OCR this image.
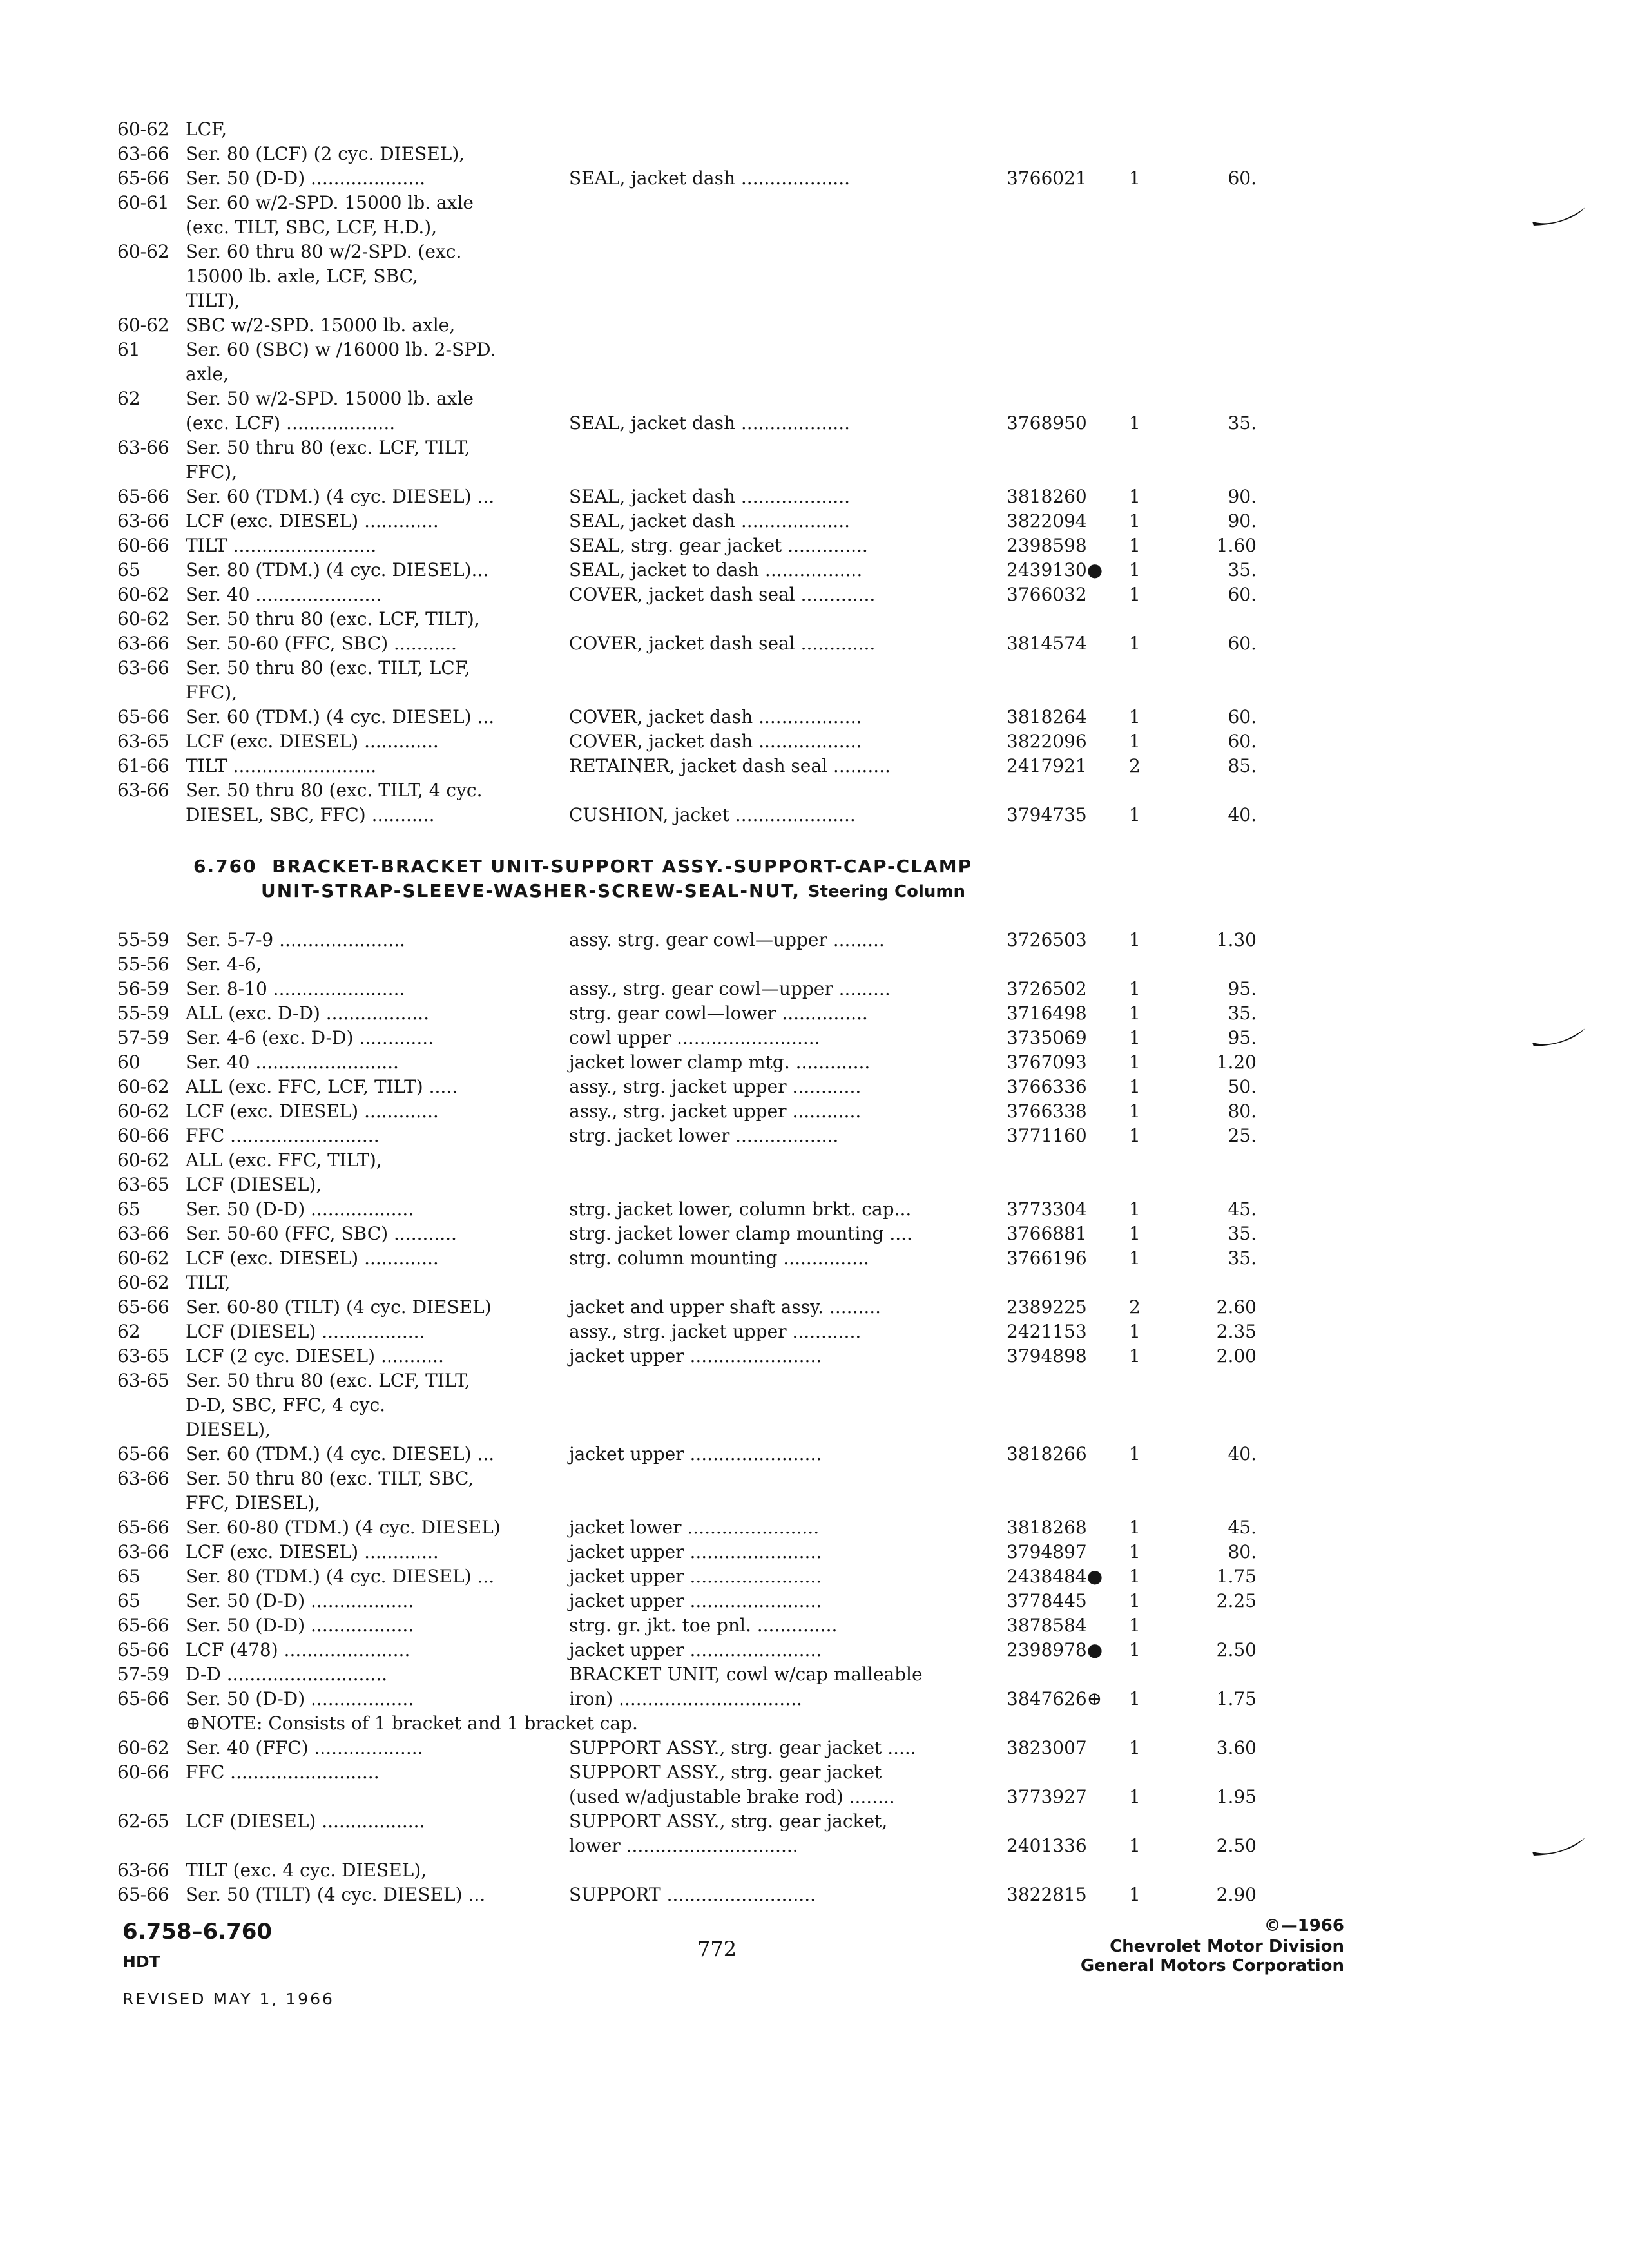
60-62 LCF,
63-66 Ser. 80 (LCF) (2 cyc. DIESEL),
65-66 Ser. 50 (D-D) ....................	SEAL, jacket dash ...................	3766021 1	.60
60-61 Ser. 60 w/2-SPD. 15000 lb. axle
(exc. TILT, SBC, LCF, H.D.),
60-62 Ser. 60 thru 80 w/2-SPD. (exc.
15000 lb. axle, LCF, SBC,
TILT),
60-62 SBC w/2-SPD. 15000 lb. axle,
61	Ser. 60 (SBC) w /16000 lb. 2-SPD.
axle,
62	Ser. 50 w/2-SPD. 15000 lb. axle
(exc. LCF) ...................	SEAL, jacket dash ...................	3768950 1	.35
63-66 Ser. 50 thru 80 (exc. LCF, TILT,
FFC),
65-66 Ser. 60 (TDM.) (4 cyc. DIESEL) ...	SEAL, jacket dash ...................	3818260 1	.90
63-66 LCF (exc. DIESEL) .............	SEAL, jacket dash ...................	3822094 1	.90
60-66 TILT .........................	SEAL, strg. gear jacket ..............	2398598 1	1.60
65	Ser. 80 (TDM.) (4 cyc. DIESEL)...	SEAL, jacket to dash .................	2439130● 1	.35
60-62 Ser. 40 ......................	COVER, jacket dash seal .............	3766032 1	.60
60-62 Ser. 50 thru 80 (exc. LCF, TILT),
63-66 Ser. 50-60 (FFC, SBC) ...........	COVER, jacket dash seal .............	3814574 1	.60
63-66 Ser. 50 thru 80 (exc. TILT, LCF,
FFC),
65-66 Ser. 60 (TDM.) (4 cyc. DIESEL) ...	COVER, jacket dash ..................	3818264 1	.60
63-65 LCF (exc. DIESEL) .............	COVER, jacket dash ..................	3822096 1	.60
61-66 TILT .........................	RETAINER, jacket dash seal ..........	2417921 2	.85
63-66 Ser. 50 thru 80 (exc. TILT, 4 cyc.
DIESEL, SBC, FFC) ...........	CUSHION, jacket .....................	3794735 1	.40
6.760 BRACKET-BRACKET UNIT-SUPPORT ASSY.-SUPPORT-CAP-CLAMP
UNIT-STRAP-SLEEVE-WASHER-SCREW-SEAL-NUT, Steering Column
55-59 Ser. 5-7-9 ......................	assy. strg. gear cowl—upper .........	3726503 1	1.30
55-56 Ser. 4-6,
56-59 Ser. 8-10 .......................	assy., strg. gear cowl—upper .........	3726502 1	.95
55-59 ALL (exc. D-D) ..................	strg. gear cowl—lower ...............	3716498 1	.35
57-59 Ser. 4-6 (exc. D-D) .............	cowl upper .........................	3735069 1	.95
60	Ser. 40 .........................	jacket lower clamp mtg. .............	3767093 1	1.20
60-62 ALL (exc. FFC, LCF, TILT) .....	assy., strg. jacket upper ............	3766336 1	.50
60-62 LCF (exc. DIESEL) .............	assy., strg. jacket upper ............	3766338 1	.80
60-66 FFC ..........................	strg. jacket lower ..................	3771160 1	.25
60-62 ALL (exc. FFC, TILT),
63-65 LCF (DIESEL),
65	Ser. 50 (D-D) ..................	strg. jacket lower, column brkt. cap...	3773304 1	.45
63-66 Ser. 50-60 (FFC, SBC) ...........	strg. jacket lower clamp mounting ....	3766881 1	.35
60-62 LCF (exc. DIESEL) .............	strg. column mounting ...............	3766196 1	.35
60-62 TILT,
65-66 Ser. 60-80 (TILT) (4 cyc. DIESEL)	jacket and upper shaft assy. .........	2389225 2	2.60
62	LCF (DIESEL) ..................	assy., strg. jacket upper ............	2421153 1	2.35
63-65 LCF (2 cyc. DIESEL) ...........	jacket upper .......................	3794898 1	2.00
63-65 Ser. 50 thru 80 (exc. LCF, TILT,
D-D, SBC, FFC, 4 cyc.
DIESEL),
65-66 Ser. 60 (TDM.) (4 cyc. DIESEL) ...	jacket upper .......................	3818266 1	.40
63-66 Ser. 50 thru 80 (exc. TILT, SBC,
FFC, DIESEL),
65-66 Ser. 60-80 (TDM.) (4 cyc. DIESEL)	jacket lower .......................	3818268 1	.45
63-66 LCF (exc. DIESEL) .............	jacket upper .......................	3794897 1	.80
65	Ser. 80 (TDM.) (4 cyc. DIESEL) ...	jacket upper .......................	2438484● 1	1.75
65	Ser. 50 (D-D) ..................	jacket upper .......................	3778445 1	2.25
65-66 Ser. 50 (D-D) ..................	strg. gr. jkt. toe pnl. ..............	3878584 1
65-66 LCF (478) ......................	jacket upper .......................	2398978● 1	2.50
57-59 D-D ............................	BRACKET UNIT, cowl w/cap malleable
65-66 Ser. 50 (D-D) ..................	iron) ................................	3847626⊕ 1	1.75
⊕NOTE: Consists of 1 bracket and 1 bracket cap.
60-62 Ser. 40 (FFC) ...................	SUPPORT ASSY., strg. gear jacket .....	3823007 1	3.60
60-66 FFC ..........................	SUPPORT ASSY., strg. gear jacket
(used w/adjustable brake rod) ........	3773927 1	1.95
62-65 LCF (DIESEL) ..................	SUPPORT ASSY., strg. gear jacket,
lower ..............................	2401336 1	2.50
63-66 TILT (exc. 4 cyc. DIESEL),
65-66 Ser. 50 (TILT) (4 cyc. DIESEL) ...	SUPPORT ..........................	3822815 1	2.90
6.758–6.760
HDT
REVISED MAY 1, 1966
772
©—1966
Chevrolet Motor Division
General Motors Corporation
